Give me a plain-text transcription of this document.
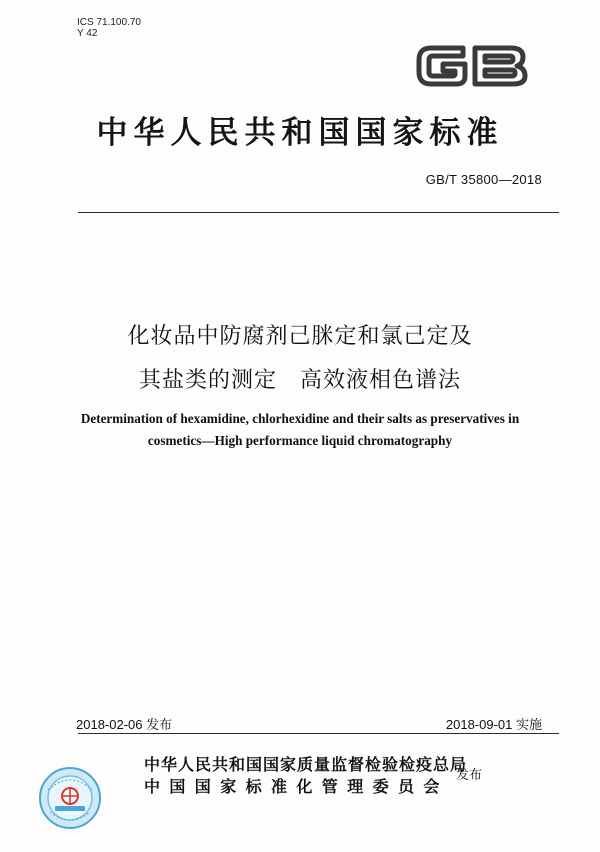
ICS 71.100.70
Y 42
中华人民共和国国家标准
GB/T 35800—2018
化妆品中防腐剂己脒定和氯己定及
其盐类的测定　高效液相色谱法
Determination of hexamidine, chlorhexidine and their salts as preservatives in
cosmetics—High performance liquid chromatography
2018-02-06 发布	2018-09-01 实施
中华人民共和国国家质量监督检验检疫总局
中国国家标准化管理委员会
发布
